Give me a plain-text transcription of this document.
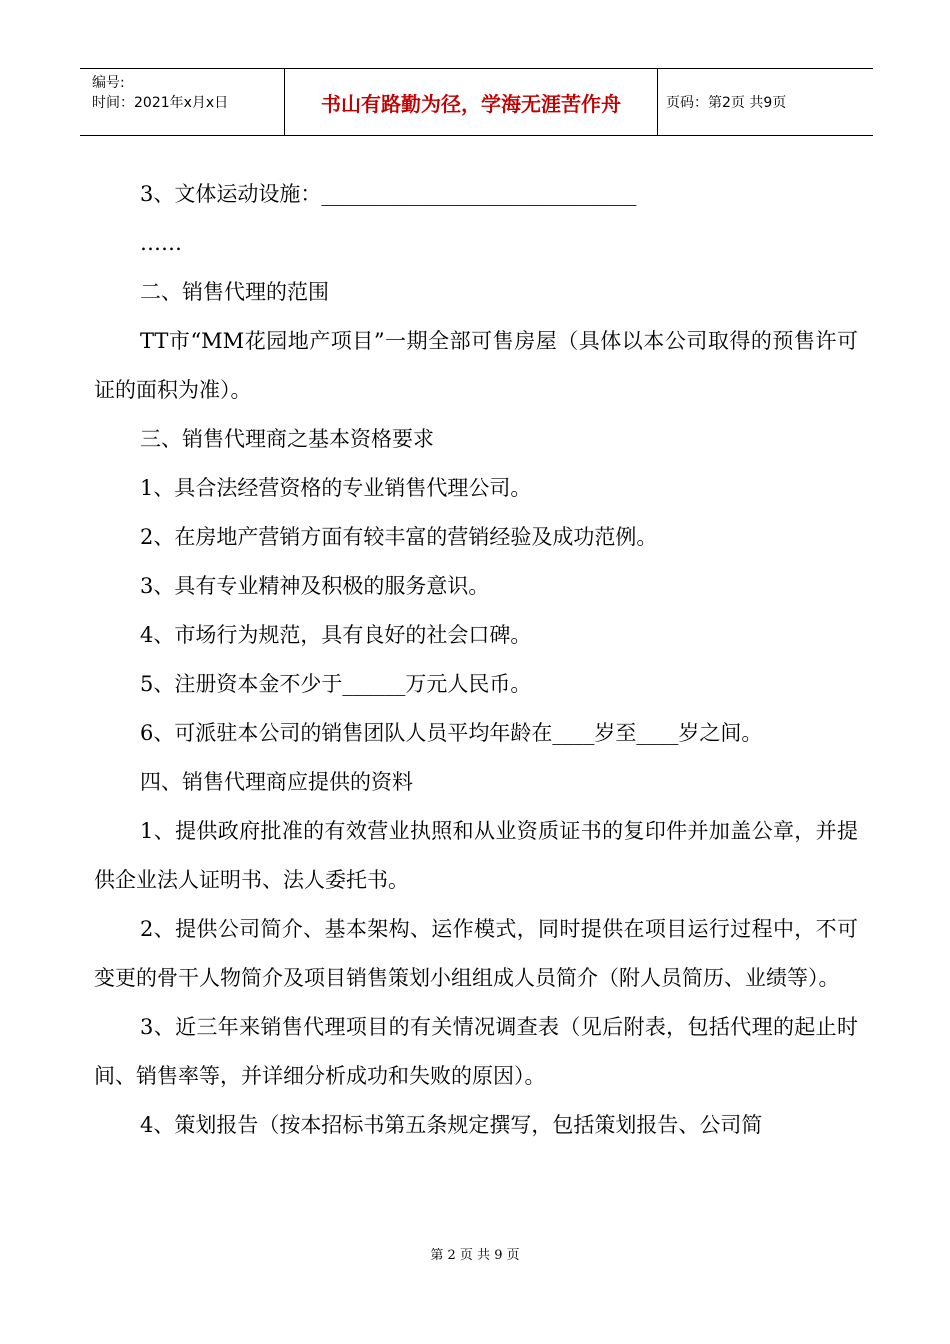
编号:
时间：2021年x月x日	书山有路勤为径，学海无涯苦作舟	页码：第2页 共9页

3、文体运动设施：______________________________

……

二、销售代理的范围

TT市“MM花园地产项目”一期全部可售房屋（具体以本公司取得的预售许可证的面积为准）。

三、销售代理商之基本资格要求

1、具合法经营资格的专业销售代理公司。

2、在房地产营销方面有较丰富的营销经验及成功范例。

3、具有专业精神及积极的服务意识。

4、市场行为规范，具有良好的社会口碑。

5、注册资本金不少于______万元人民币。

6、可派驻本公司的销售团队人员平均年龄在____岁至____岁之间。

四、销售代理商应提供的资料

1、提供政府批准的有效营业执照和从业资质证书的复印件并加盖公章，并提供企业法人证明书、法人委托书。

2、提供公司简介、基本架构、运作模式，同时提供在项目运行过程中，不可变更的骨干人物简介及项目销售策划小组组成人员简介（附人员简历、业绩等）。

3、近三年来销售代理项目的有关情况调查表（见后附表，包括代理的起止时间、销售率等，并详细分析成功和失败的原因）。

4、策划报告（按本招标书第五条规定撰写，包括策划报告、公司简

第 2 页 共 9 页
